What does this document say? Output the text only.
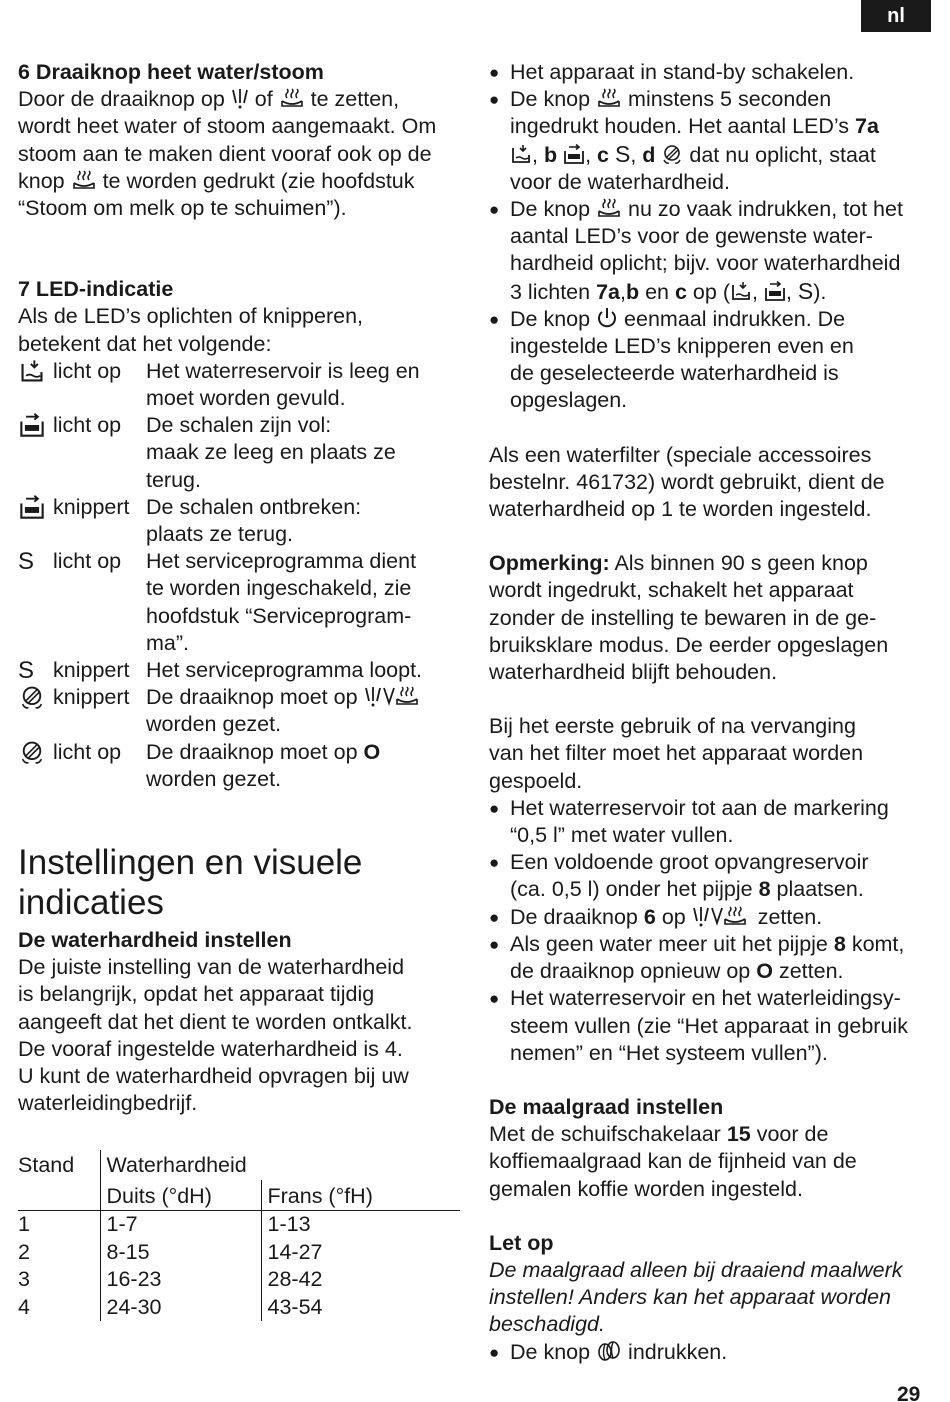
nl
6 Draaiknop heet water/stoom
Door de draaiknop op  of  te zetten,
wordt heet water of stoom aangemaakt. Om
stoom aan te maken dient vooraf ook op de
knop  te worden gedrukt (zie hoofdstuk
“Stoom om melk op te schuimen”).
7 LED-indicatie
Als de LED’s oplichten of knipperen,
betekent dat het volgende:
licht op Het waterreservoir is leeg en
moet worden gevuld.
licht op De schalen zijn vol:
maak ze leeg en plaats ze
terug.
knippert De schalen ontbreken:
plaats ze terug.
S licht op Het serviceprogramma dient
te worden ingeschakeld, zie
hoofdstuk “Serviceprogram-
ma”.
S knippert Het serviceprogramma loopt.
knippert De draaiknop moet op
worden gezet.
licht op De draaiknop moet op O
worden gezet.
Instellingen en visuele
indicaties
De waterhardheid instellen
De juiste instelling van de waterhardheid
is belangrijk, opdat het apparaat tijdig
aangeeft dat het dient te worden ontkalkt.
De vooraf ingestelde waterhardheid is 4.
U kunt de waterhardheid opvragen bij uw
waterleidingbedrijf.
Stand	Waterhardheid	
	Duits (°dH)	Frans (°fH)
1	1-7	1-13
2	8-15	14-27
3	16-23	28-42
4	24-30	43-54
● Het apparaat in stand-by schakelen.
● De knop  minstens 5 seconden
ingedrukt houden. Het aantal LED’s 7a
, b , c S, d  dat nu oplicht, staat
voor de waterhardheid.
● De knop  nu zo vaak indrukken, tot het
aantal LED’s voor de gewenste water-
hardheid oplicht; bijv. voor waterhardheid
3 lichten 7a,b en c op ( , , S).
● De knop  eenmaal indrukken. De
ingestelde LED’s knipperen even en
de geselecteerde waterhardheid is
opgeslagen.
Als een waterfilter (speciale accessoires
bestelnr. 461732) wordt gebruikt, dient de
waterhardheid op 1 te worden ingesteld.
Opmerking: Als binnen 90 s geen knop
wordt ingedrukt, schakelt het apparaat
zonder de instelling te bewaren in de ge-
bruiksklare modus. De eerder opgeslagen
waterhardheid blijft behouden.
Bij het eerste gebruik of na vervanging
van het filter moet het apparaat worden
gespoeld.
● Het waterreservoir tot aan de markering
“0,5 l” met water vullen.
● Een voldoende groot opvangreservoir
(ca. 0,5 l) onder het pijpje 8 plaatsen.
● De draaiknop 6 op	zetten.
● Als geen water meer uit het pijpje 8 komt,
de draaiknop opnieuw op O zetten.
● Het waterreservoir en het waterleidingsy-
steem vullen (zie “Het apparaat in gebruik
nemen” en “Het systeem vullen”).
De maalgraad instellen
Met de schuifschakelaar 15 voor de
koffiemaalgraad kan de fijnheid van de
gemalen koffie worden ingesteld.
Let op
De maalgraad alleen bij draaiend maalwerk
instellen! Anders kan het apparaat worden
beschadigd.
● De knop  indrukken.
29
